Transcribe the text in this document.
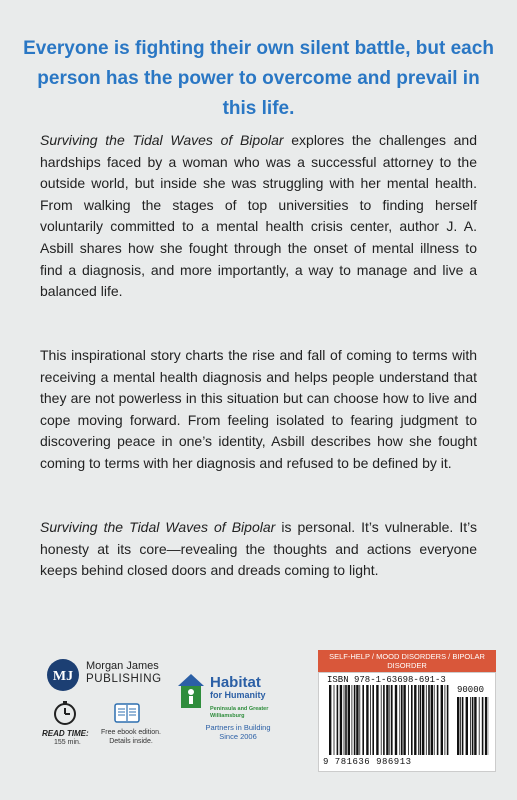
Everyone is fighting their own silent battle, but each person has the power to overcome and prevail in this life.
Surviving the Tidal Waves of Bipolar explores the challenges and hardships faced by a woman who was a successful attorney to the outside world, but inside she was struggling with her mental health. From walking the stages of top universities to finding herself voluntarily committed to a mental health crisis center, author J. A. Asbill shares how she fought through the onset of mental illness to find a diagnosis, and more importantly, a way to manage and live a balanced life.
This inspirational story charts the rise and fall of coming to terms with receiving a mental health diagnosis and helps people understand that they are not powerless in this situation but can choose how to live and cope moving forward. From feeling isolated to fearing judgment to discovering peace in one’s identity, Asbill describes how she fought coming to terms with her diagnosis and refused to be defined by it.
Surviving the Tidal Waves of Bipolar is personal. It’s vulnerable. It’s honesty at its core—revealing the thoughts and actions everyone keeps behind closed doors and dreads coming to light.
MJ
Morgan James
PUBLISHING
READ TIME:
155 min.
Free ebook edition. Details inside.
Habitat
for Humanity
Peninsula and Greater Williamsburg
Partners in Building Since 2006
SELF-HELP / MOOD DISORDERS / BIPOLAR DISORDER
ISBN 978-1-63698-691-3
90000
9 781636 986913
